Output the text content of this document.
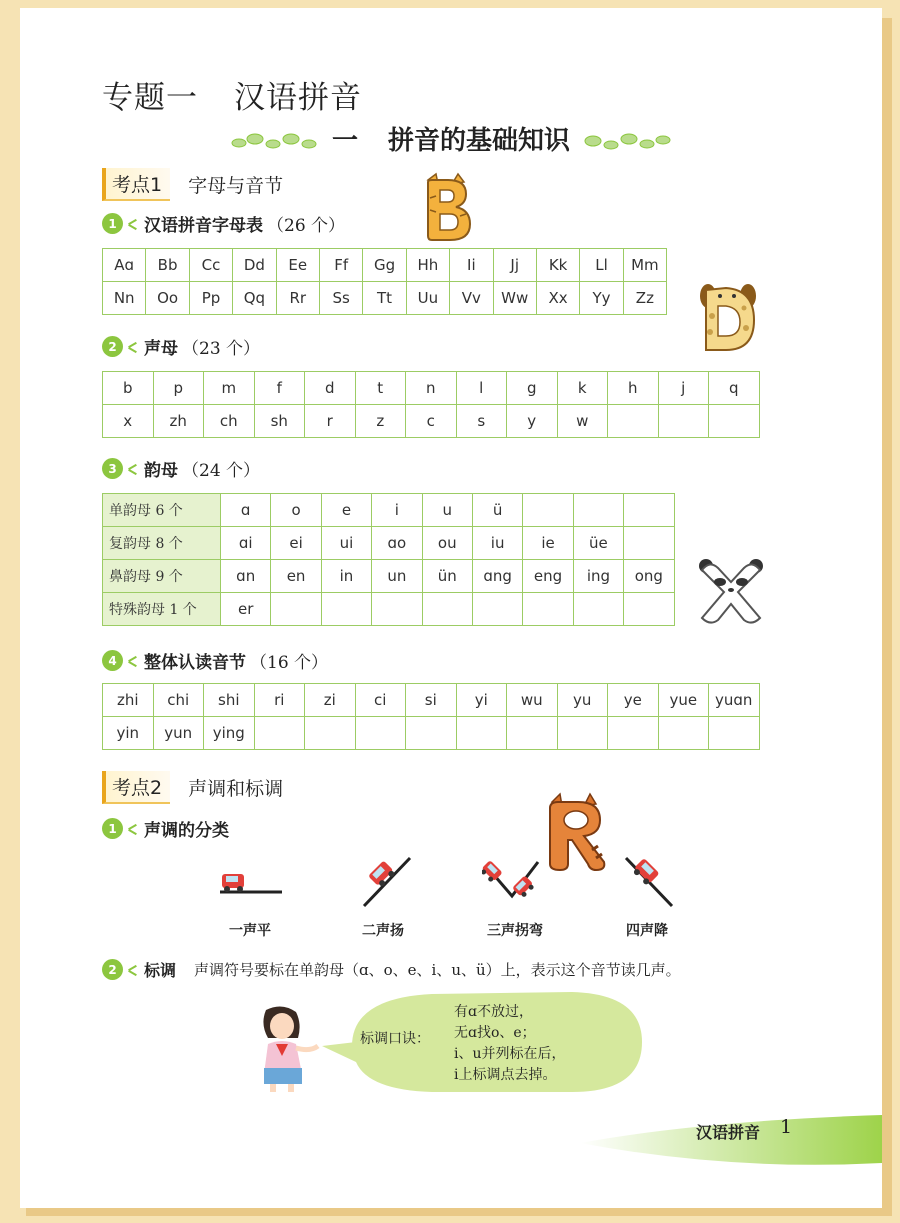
专题一 汉语拼音
一 拼音的基础知识
考点1	字母与音节
1	汉语拼音字母表 （26 个）
Aɑ	Bb	Cc	Dd	Ee	Ff	Gg	Hh	Ii	Jj	Kk	Ll	Mm
Nn	Oo	Pp	Qq	Rr	Ss	Tt	Uu	Vv	Ww	Xx	Yy	Zz
2	声母 （23 个）
b	p	m	f	d	t	n	l	g	k	h	j	q
x	zh	ch	sh	r	z	c	s	y	w			
3	韵母 （24 个）
单韵母 6 个	ɑ	o	e	i	u	ü			
复韵母 8 个	ɑi	ei	ui	ɑo	ou	iu	ie	üe	
鼻韵母 9 个	ɑn	en	in	un	ün	ɑng	eng	ing	ong
特殊韵母 1 个	er								
4	整体认读音节 （16 个）
zhi	chi	shi	ri	zi	ci	si	yi	wu	yu	ye	yue	yuɑn
yin	yun	ying										
考点2	声调和标调
1	声调的分类
一声平	二声扬	三声拐弯	四声降
2	标调 声调符号要标在单韵母（ɑ、o、e、i、u、ü）上，表示这个音节读几声。
标调口诀：
有ɑ不放过，
无ɑ找o、e；
i、u并列标在后，
i上标调点去掉。
汉语拼音 1
